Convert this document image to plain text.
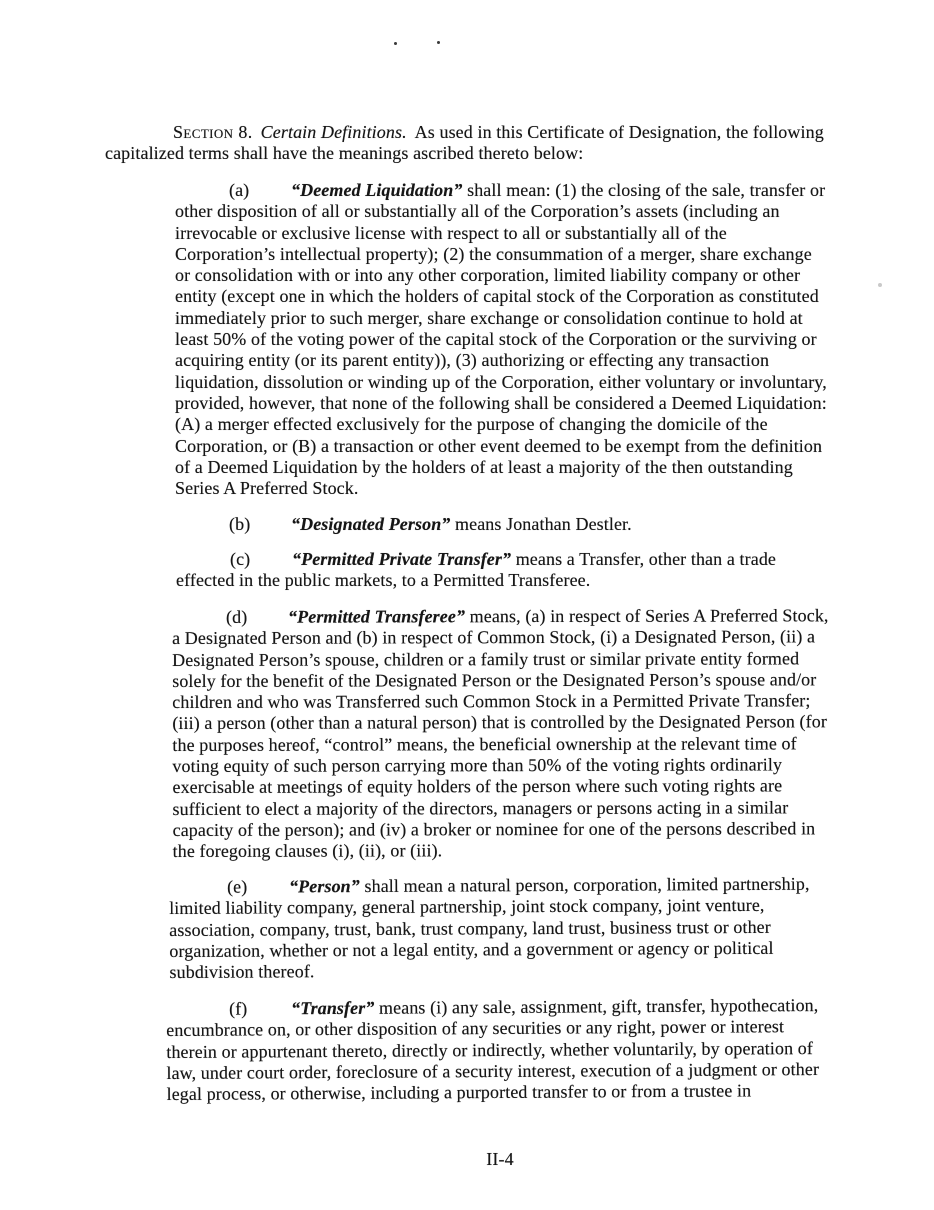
Section 8. Certain Definitions. As used in this Certificate of Designation, the following
capitalized terms shall have the meanings ascribed thereto below:
(a) “Deemed Liquidation” shall mean: (1) the closing of the sale, transfer or
other disposition of all or substantially all of the Corporation’s assets (including an
irrevocable or exclusive license with respect to all or substantially all of the
Corporation’s intellectual property); (2) the consummation of a merger, share exchange
or consolidation with or into any other corporation, limited liability company or other
entity (except one in which the holders of capital stock of the Corporation as constituted
immediately prior to such merger, share exchange or consolidation continue to hold at
least 50% of the voting power of the capital stock of the Corporation or the surviving or
acquiring entity (or its parent entity)), (3) authorizing or effecting any transaction
liquidation, dissolution or winding up of the Corporation, either voluntary or involuntary,
provided, however, that none of the following shall be considered a Deemed Liquidation:
(A) a merger effected exclusively for the purpose of changing the domicile of the
Corporation, or (B) a transaction or other event deemed to be exempt from the definition
of a Deemed Liquidation by the holders of at least a majority of the then outstanding
Series A Preferred Stock.
(b) “Designated Person” means Jonathan Destler.
(c) “Permitted Private Transfer” means a Transfer, other than a trade
effected in the public markets, to a Permitted Transferee.
(d) “Permitted Transferee” means, (a) in respect of Series A Preferred Stock,
a Designated Person and (b) in respect of Common Stock, (i) a Designated Person, (ii) a
Designated Person’s spouse, children or a family trust or similar private entity formed
solely for the benefit of the Designated Person or the Designated Person’s spouse and/or
children and who was Transferred such Common Stock in a Permitted Private Transfer;
(iii) a person (other than a natural person) that is controlled by the Designated Person (for
the purposes hereof, “control” means, the beneficial ownership at the relevant time of
voting equity of such person carrying more than 50% of the voting rights ordinarily
exercisable at meetings of equity holders of the person where such voting rights are
sufficient to elect a majority of the directors, managers or persons acting in a similar
capacity of the person); and (iv) a broker or nominee for one of the persons described in
the foregoing clauses (i), (ii), or (iii).
(e) “Person” shall mean a natural person, corporation, limited partnership,
limited liability company, general partnership, joint stock company, joint venture,
association, company, trust, bank, trust company, land trust, business trust or other
organization, whether or not a legal entity, and a government or agency or political
subdivision thereof.
(f) “Transfer” means (i) any sale, assignment, gift, transfer, hypothecation,
encumbrance on, or other disposition of any securities or any right, power or interest
therein or appurtenant thereto, directly or indirectly, whether voluntarily, by operation of
law, under court order, foreclosure of a security interest, execution of a judgment or other
legal process, or otherwise, including a purported transfer to or from a trustee in
II-4
